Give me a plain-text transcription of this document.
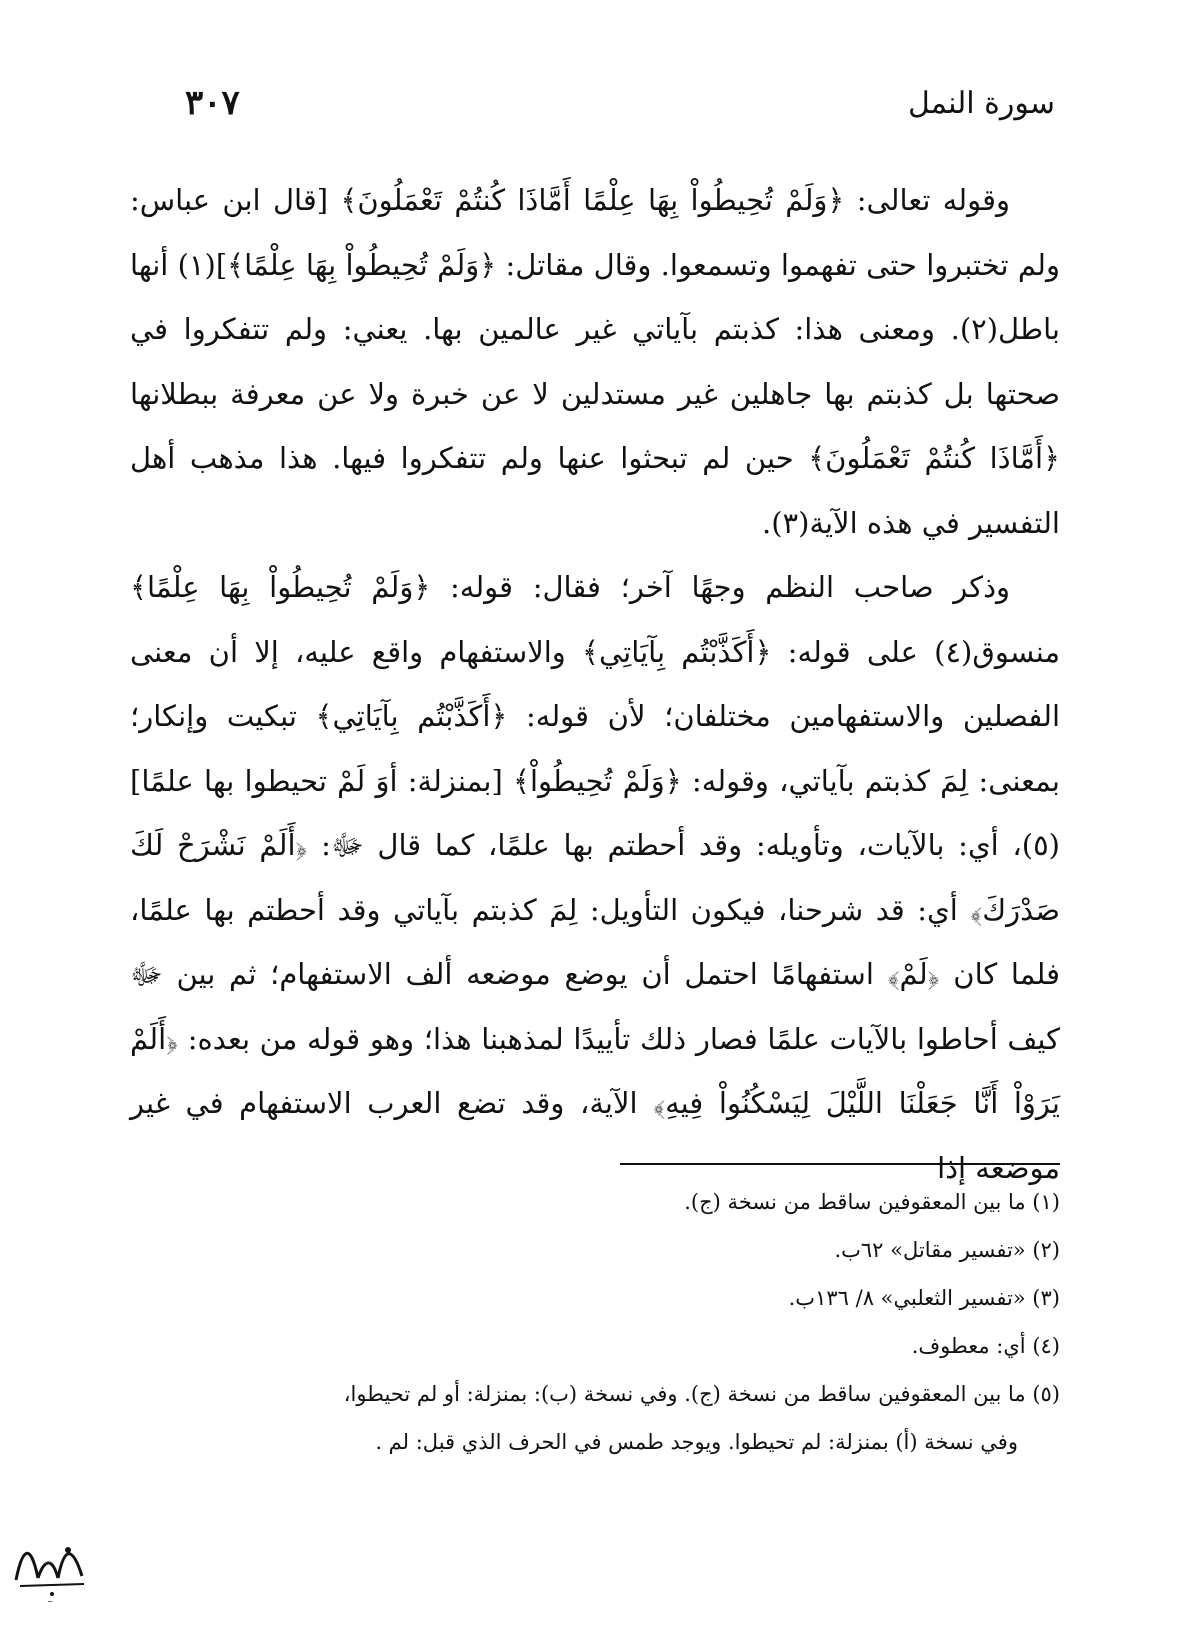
سورة النمل
٣٠٧

وقوله تعالى: ﴿وَلَمْ تُحِيطُواْ بِهَا عِلْمًا أَمَّاذَا كُنتُمْ تَعْمَلُونَ﴾ [قال ابن عباس: ولم تختبروا حتى تفهموا وتسمعوا. وقال مقاتل: ﴿وَلَمْ تُحِيطُواْ بِهَا عِلْمًا﴾](١) أنها باطل(٢). ومعنى هذا: كذبتم بآياتي غير عالمين بها. يعني: ولم تتفكروا في صحتها بل كذبتم بها جاهلين غير مستدلين لا عن خبرة ولا عن معرفة ببطلانها ﴿أَمَّاذَا كُنتُمْ تَعْمَلُونَ﴾ حين لم تبحثوا عنها ولم تتفكروا فيها. هذا مذهب أهل التفسير في هذه الآية(٣).

وذكر صاحب النظم وجهًا آخر؛ فقال: قوله: ﴿وَلَمْ تُحِيطُواْ بِهَا عِلْمًا﴾ منسوق(٤) على قوله: ﴿أَكَذَّبْتُم بِآيَاتِي﴾ والاستفهام واقع عليه، إلا أن معنى الفصلين والاستفهامين مختلفان؛ لأن قوله: ﴿أَكَذَّبْتُم بِآيَاتِي﴾ تبكيت وإنكار؛ بمعنى: لِمَ كذبتم بآياتي، وقوله: ﴿وَلَمْ تُحِيطُواْ﴾ [بمنزلة: أوَ لَمْ تحيطوا بها علمًا](٥)، أي: بالآيات، وتأويله: وقد أحطتم بها علمًا، كما قال ﷻ: ﴿أَلَمْ نَشْرَحْ لَكَ صَدْرَكَ﴾ أي: قد شرحنا، فيكون التأويل: لِمَ كذبتم بآياتي وقد أحطتم بها علمًا، فلما كان ﴿لَمْ﴾ استفهامًا احتمل أن يوضع موضعه ألف الاستفهام؛ ثم بين ﷻ كيف أحاطوا بالآيات علمًا فصار ذلك تأييدًا لمذهبنا هذا؛ وهو قوله من بعده: ﴿أَلَمْ يَرَوْاْ أَنَّا جَعَلْنَا اللَّيْلَ لِيَسْكُنُواْ فِيهِ﴾ الآية، وقد تضع العرب الاستفهام في غير موضعه إذا

(١) ما بين المعقوفين ساقط من نسخة (ج).

(٢) «تفسير مقاتل» ٦٢ب.

(٣) «تفسير الثعلبي» ٨/ ١٣٦ب.

(٤) أي: معطوف.

(٥) ما بين المعقوفين ساقط من نسخة (ج). وفي نسخة (ب): بمنزلة: أو لم تحيطوا،

وفي نسخة (أ) بمنزلة: لم تحيطوا. ويوجد طمس في الحرف الذي قبل: لم .

~
